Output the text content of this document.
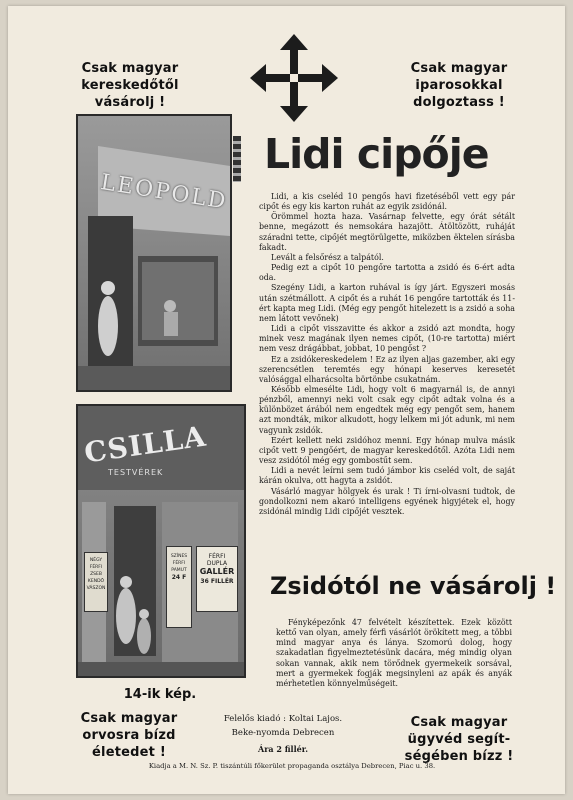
Csak magyar
kereskedőtől
vásárolj !
Csak magyar
iparosokkal
dolgoztass !
LEOPOLD
Lidi cipője

Lidi, a kis cseléd 10 pengős havi fizetéséből vett egy pár cipőt és egy kis karton ruhát az egyik zsidónál.

Örömmel hozta haza. Vasárnap felvette, egy órát sétált benne, megázott és nemsokára hazajött. Átöltözött, ruháját száradni tette, cipőjét megtörülgette, miközben ëktelen sírásba fakadt.

Levált a felsőrész a talpától.

Pedig ezt a cipőt 10 pengőre tartotta a zsidó és 6-ért adta oda.

Szegény Lidi, a karton ruhával is így járt. Egyszeri mosás után szétmállott. A cipőt és a ruhát 16 pengőre tartották és 11-ért kapta meg Lidi. (Még egy pengőt hitelezett is a zsidó a soha nem látott vevőnek)

Lidi a cipőt visszavitte és akkor a zsidó azt mondta, hogy minek vesz magának ilyen nemes cipőt, (10-re tartotta) miért nem vesz drágábbat, jobbat, 10 pengőst ?

Ez a zsidókereskedelem ! Ez az ilyen aljas gazember, aki egy szerencsétlen teremtés egy hónapi keserves keresetét valósággal elharácsolta börtönbe csukatnám.

Később elmesélte Lidi, hogy volt 6 magyarnál is, de annyi pénzből, amennyi neki volt csak egy cipőt adtak volna és a különbözet árából nem engedtek még egy pengőt sem, hanem azt mondták, mikor alkudott, hogy lelkem mi jót adunk, mi nem vagyunk zsidók.

Ezért kellett neki zsidóhoz menni. Egy hónap mulva másik cipőt vett 9 pengőért, de magyar kereskedőtől. Azóta Lidi nem vesz zsidótól még egy gombostűt sem.

Lidi a nevét leírni sem tudó jámbor kis cseléd volt, de saját kárán okulva, ott hagyta a zsidót.

Vásárló magyar hölgyek és urak ! Ti írni-olvasni tudtok, de gondolkozni nem akaró intelligens egyének higyjétek el, hogy zsidónál mindig Lidi cipőjét vesztek.

CSILLA
TESTVÉREK
FÉRFI
DUPLA
GALLÉR
36 FILLÉR
SZÍNES
FÉRFI
PAMUT
24 F
NÉGY
FÉRFI
ZSEB
KENDŐ
VÁSZON
14-ik kép.
Zsidótól ne vásárolj !

Fényképezőnk 47 felvételt készítettek. Ezek között kettő van olyan, amely férfi vásárlót örökített meg, a többi mind magyar anya és lánya. Szomorú dolog, hogy szakadatlan figyelmeztetésünk dacára, még mindig olyan sokan vannak, akik nem törődnek gyermekeik sorsával, mert a gyermekek fogják megsinyleni az apák és anyák mérhetetlen könnyelműségeit.

Csak magyar
orvosra bízd
életedet !
Felelős kiadó : Koltai Lajos.
Beke-nyomda Debrecen
Ára 2 fillér.
Csak magyar
ügyvéd segít-
ségében bízz !
Kiadja a M. N. Sz. P. tiszántúli főkerület propaganda osztálya Debrecen, Piac u. 38.
